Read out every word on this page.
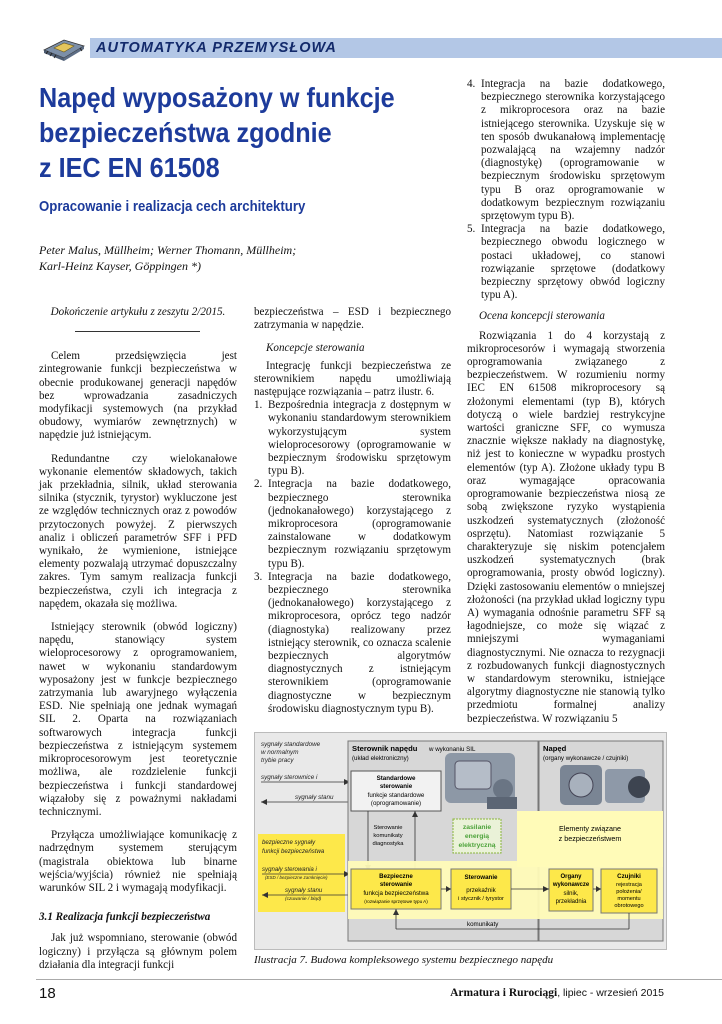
AUTOMATYKA PRZEMYSŁOWA
Napęd wyposażony w funkcje
bezpieczeństwa zgodnie
z IEC EN 61508
Opracowanie i realizacja cech architektury
Peter Malus, Müllheim; Werner Thomann, Müllheim;
Karl-Heinz Kayser, Göppingen *)

Dokończenie artykułu z zeszytu 2/2015.

Celem przedsięwzięcia jest zintegrowanie funkcji bezpieczeństwa w obecnie produkowanej generacji napędów bez wprowadzania zasadniczych modyfikacji systemowych (na przykład obudowy, wymiarów zewnętrznych) w napędzie już istniejącym.

Redundantne czy wielokanałowe wykonanie elementów składowych, takich jak przekładnia, silnik, układ sterowania silnika (stycznik, tyrystor) wykluczone jest ze względów technicznych oraz z powodów przytoczonych powyżej. Z pierwszych analiz i obliczeń parametrów SFF i PFD wynikało, że wymienione, istniejące elementy pozwalają utrzymać dopuszczalny zakres. Tym samym realizacja funkcji bezpieczeństwa, czyli ich integracja z napędem, okazała się możliwa.

Istniejący sterownik (obwód logiczny) napędu, stanowiący system wieloprocesorowy z oprogramowaniem, nawet w wykonaniu standardowym wyposażony jest w funkcje bezpiecznego zatrzymania lub awaryjnego wyłączenia ESD. Nie spełniają one jednak wymagań SIL 2. Oparta na rozwiązaniach softwarowych integracja funkcji bezpieczeństwa z istniejącym systemem mikroprocesorowym jest teoretycznie możliwa, ale rozdzielenie funkcji bezpieczeństwa i funkcji standardowej wiązałoby się z poważnymi nakładami technicznymi.

Przyłącza umożliwiające komunikację z nadrzędnym systemem sterującym (magistrala obiektowa lub binarne wejścia/wyjścia) również nie spełniają warunków SIL 2 i wymagają modyfikacji.

3.1 Realizacja funkcji bezpieczeństwa

Jak już wspomniano, sterowanie (obwód logiczny) i przyłącza są głównym polem działania dla integracji funkcji

bezpieczeństwa – ESD i bezpiecznego zatrzymania w napędzie.

Koncepcje sterowania

Integrację funkcji bezpieczeństwa ze sterownikiem napędu umożliwiają następujące rozwiązania – patrz ilustr. 6.

1. Bezpośrednia integracja z dostępnym w wykonaniu standardowym sterownikiem wykorzystującym system wieloprocesorowy (oprogramowanie w bezpiecznym środowisku sprzętowym typu B).
2. Integracja na bazie dodatkowego, bezpiecznego sterownika (jednokanałowego) korzystającego z mikroprocesora (oprogramowanie zainstalowane w dodatkowym bezpiecznym rozwiązaniu sprzętowym typu B).
3. Integracja na bazie dodatkowego, bezpiecznego sterownika (jednokanałowego) korzystającego z mikroprocesora, oprócz tego nadzór (diagnostyka) realizowany przez istniejący sterownik, co oznacza scalenie bezpiecznych algorytmów diagnostycznych z istniejącym sterownikiem (oprogramowanie diagnostyczne w bezpiecznym środowisku diagnostycznym typu B).
4. Integracja na bazie dodatkowego, bezpiecznego sterownika korzystającego z mikroprocesora oraz na bazie istniejącego sterownika. Uzyskuje się w ten sposób dwukanałową implementację pozwalającą na wzajemny nadzór (diagnostykę) (oprogramowanie w bezpiecznym środowisku sprzętowym typu B oraz oprogramowanie w dodatkowym bezpiecznym rozwiązaniu sprzętowym typu B).
5. Integracja na bazie dodatkowego, bezpiecznego obwodu logicznego w postaci układowej, co stanowi rozwiązanie sprzętowe (dodatkowy bezpieczny sprzętowy obwód logiczny typu A).

Ocena koncepcji sterowania

Rozwiązania 1 do 4 korzystają z mikroprocesorów i wymagają stworzenia oprogramowania związanego z bezpieczeństwem. W rozumieniu normy IEC EN 61508 mikroprocesory są złożonymi elementami (typ B), których dotyczą o wiele bardziej restrykcyjne wartości graniczne SFF, co wymusza znacznie większe nakłady na diagnostykę, niż jest to konieczne w wypadku prostych elementów (typ A). Złożone układy typu B oraz wymagające opracowania oprogramowanie bezpieczeństwa niosą ze sobą zwiększone ryzyko wystąpienia uszkodzeń systematycznych (złożoność osprzętu). Natomiast rozwiązanie 5 charakteryzuje się niskim potencjałem uszkodzeń systematycznych (brak oprogramowania, prosty obwód logiczny). Dzięki zastosowaniu elementów o mniejszej złożoności (na przykład układ logiczny typu A) wymagania odnośnie parametru SFF są łagodniejsze, co może się wiązać z mniejszymi wymaganiami diagnostycznymi. Nie oznacza to rezygnacji z rozbudowanych funkcji diagnostycznych w standardowym sterowniku, istniejące algorytmy diagnostyczne nie stanowią tylko przedmiotu formalnej analizy bezpieczeństwa. W rozwiązaniu 5

sygnały standardowe
w normalnym
trybie pracy
sygnały sterownice i
sygnały stanu
bezpieczne sygnały
funkcji bezpieczeństwa
sygnały sterowania i
(ESD / bezpieczne zamknięcie)
sygnały stanu
(czuwanie / błąd)
Sterownik napędu w wykonaniu SIL
(układ elektroniczny)
Napęd
(organy wykonawcze / czujniki)
Standardowe
sterowanie
funkcje standardowe
(oprogramowanie)
Sterowanie
komunikaty
diagnostyka
zasilanie
energią
elektryczną
Elementy związane
z bezpieczeństwem
Bezpieczne
sterowanie
funkcja bezpieczeństwa
(rozwiązanie sprzętowe typu A)
Sterowanie
przekaźnik
i stycznik / tyrystor
Organy
wykonawcze
silnik,
przekładnia
Czujniki
rejestracja
położenia/
momentu
obrotowego
komunikaty
Ilustracja 7. Budowa kompleksowego systemu bezpiecznego napędu
18	Armatura i Rurociągi, lipiec - wrzesień 2015
